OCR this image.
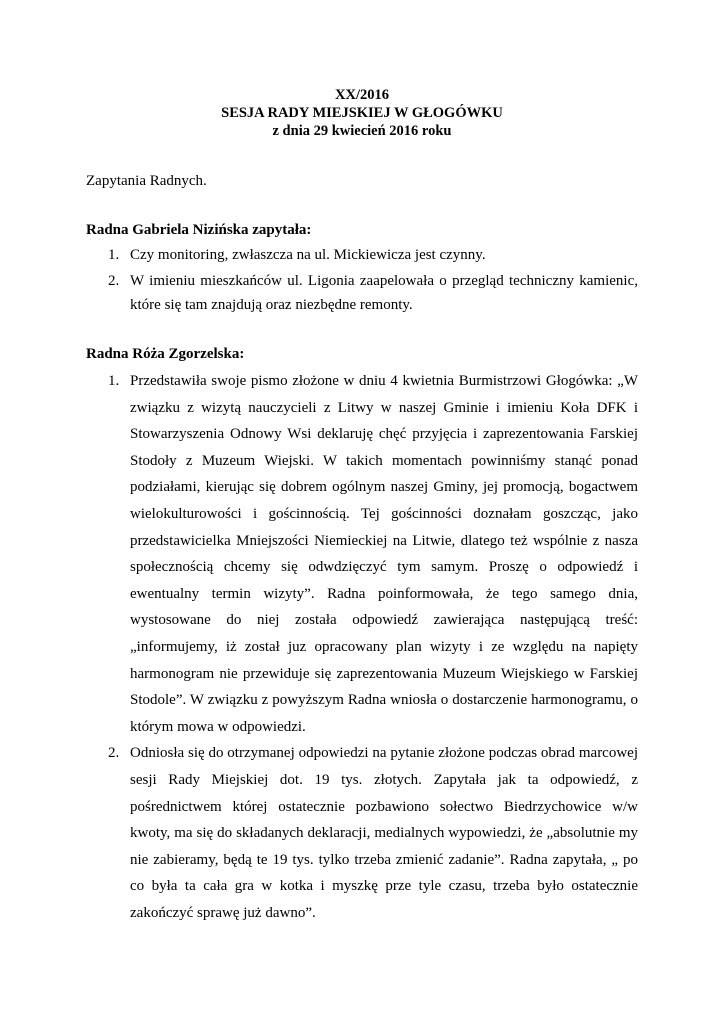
XX/2016
SESJA RADY MIEJSKIEJ W GŁOGÓWKU
z dnia 29 kwiecień 2016 roku
Zapytania Radnych.
Radna Gabriela Nizińska zapytała:
1. Czy monitoring, zwłaszcza na ul. Mickiewicza jest czynny.

2. W imieniu mieszkańców ul. Ligonia zaapelowała o przegląd techniczny kamienic, które się tam znajdują oraz niezbędne remonty.

Radna Róża Zgorzelska:
1. Przedstawiła swoje pismo złożone w dniu 4 kwietnia Burmistrzowi Głogówka: „W związku z wizytą nauczycieli z Litwy w naszej Gminie i imieniu Koła DFK i Stowarzyszenia Odnowy Wsi deklaruję chęć przyjęcia i zaprezentowania Farskiej Stodoły z Muzeum Wiejski. W takich momentach powinniśmy stanąć ponad podziałami, kierując się dobrem ogólnym naszej Gminy, jej promocją, bogactwem wielokulturowości i gościnnością. Tej gościnności doznałam goszcząc, jako przedstawicielka Mniejszości Niemieckiej na Litwie, dlatego też wspólnie z nasza społecznością chcemy się odwdzięczyć tym samym. Proszę o odpowiedź i ewentualny termin wizyty”. Radna poinformowała, że tego samego dnia, wystosowane do niej została odpowiedź zawierająca następującą treść: „informujemy, iż został juz opracowany plan wizyty i ze względu na napięty harmonogram nie przewiduje się zaprezentowania Muzeum Wiejskiego w Farskiej Stodole”. W związku z powyższym Radna wniosła o dostarczenie harmonogramu, o którym mowa w odpowiedzi.

2. Odniosła się do otrzymanej odpowiedzi na pytanie złożone podczas obrad marcowej sesji Rady Miejskiej dot. 19 tys. złotych. Zapytała jak ta odpowiedź, z pośrednictwem której ostatecznie pozbawiono sołectwo Biedrzychowice w/w kwoty, ma się do składanych deklaracji, medialnych wypowiedzi, że „absolutnie my nie zabieramy, będą te 19 tys. tylko trzeba zmienić zadanie”. Radna zapytała, „ po co była ta cała gra w kotka i myszkę prze tyle czasu, trzeba było ostatecznie zakończyć sprawę już dawno”.
